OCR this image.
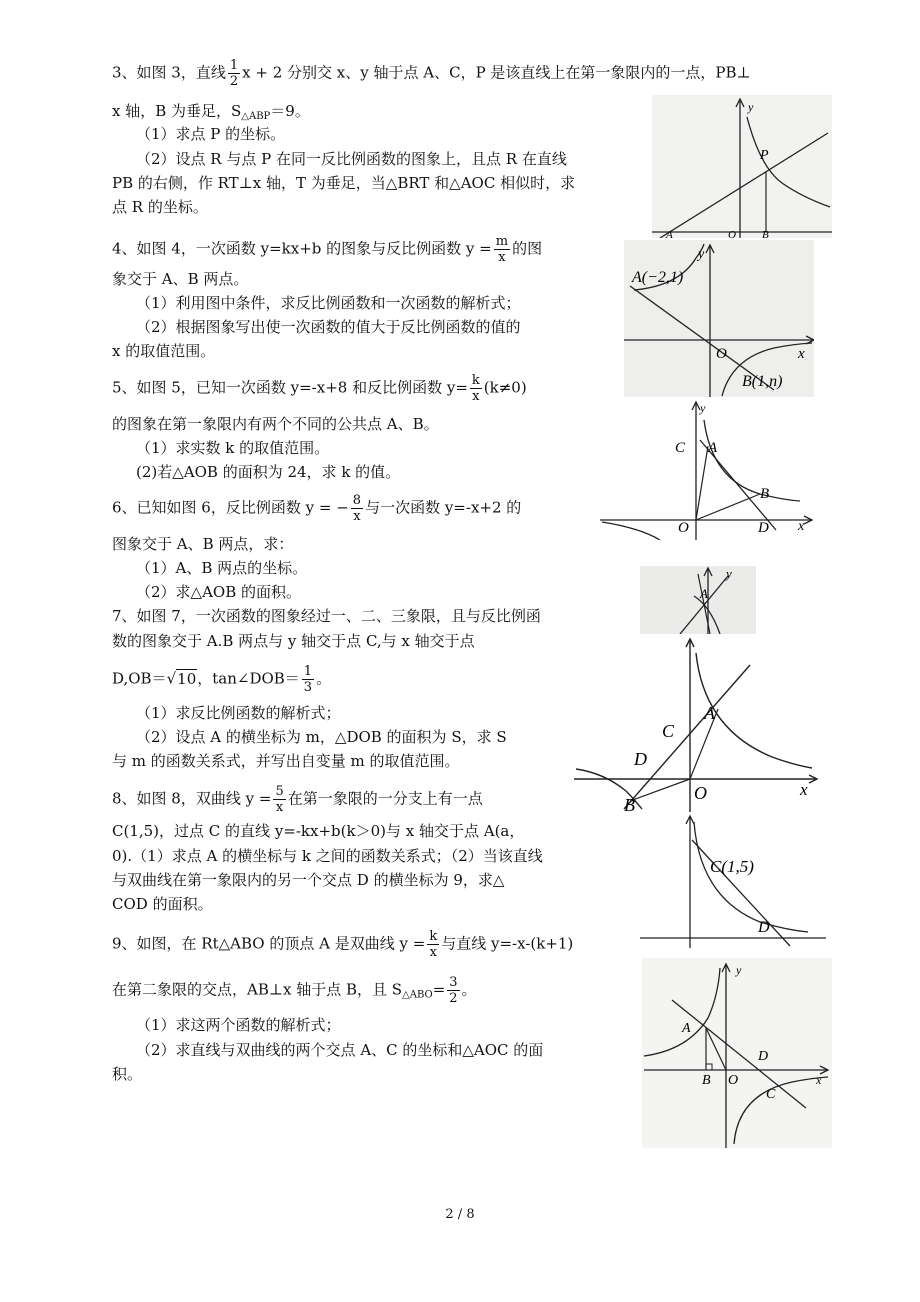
3、如图 3，直线 $\frac{1}{2}$ x + 2 分别交 x、y 轴于点 A、C，P 是该直线上在第一象限内的一点，PB⊥
x 轴，B 为垂足，$S_{\triangle ABP}=9$。
（1）求点 P 的坐标。
（2）设点 R 与点 P 在同一反比例函数的图象上，且点 R 在直线
PB 的右侧，作 RT⊥x 轴，T 为垂足，当△BRT 和△AOC 相似时，求
点 R 的坐标。
y
P
A	O B
4、如图 4，一次函数 y=kx+b 的图象与反比例函数 $y = \frac{m}{x}$ 的图
象交于 A、B 两点。
（1）利用图中条件，求反比例函数和一次函数的解析式；
（2）根据图象写出使一次函数的值大于反比例函数的值的
x 的取值范围。
A(−2,1)
y
O	x
B(1,n)
5、如图 5，已知一次函数 y=-x+8 和反比例函数 $y= \frac{k}{x} (k\ne 0)$
的图象在第一象限内有两个不同的公共点 A、B。
（1）求实数 k 的取值范围。
(2)若△AOB 的面积为 24，求 k 的值。
y
C A
B
O	D x
6、已知如图 6，反比例函数 y = − $\frac{8}{x}$ 与一次函数 y=-x+2 的
图象交于 A、B 两点，求：
（1）A、B 两点的坐标。
（2）求△AOB 的面积。	A
y
7、如图 7，一次函数的图象经过一、二、三象限，且与反比例函
数的图象交于 A.B 两点与 y 轴交于点 C,与 x 轴交于点
D,OB＝√10，tan∠DOB＝ $\frac{1}{3}$ 。
（1）求反比例函数的解析式；
（2）设点 A 的横坐标为 m，△DOB 的面积为 S，求 S
与 m 的函数关系式，并写出自变量 m 的取值范围。
C
A
D
O	x
B
8、如图 8，双曲线 $y = \frac{5}{x}$ 在第一象限的一分支上有一点
C(1,5)，过点 C 的直线 y=-kx+b(k＞0)与 x 轴交于点 A(a，
0).（1）求点 A 的横坐标与 k 之间的函数关系式；（2）当该直线
与双曲线在第一象限内的另一个交点 D 的横坐标为 9，求△
COD 的面积。
C(1,5)
D
9、如图，在 Rt△ABO 的顶点 A 是双曲线 $y = \frac{k}{x}$ 与直线 y=-x-(k+1)
在第二象限的交点，AB⊥x 轴于点 B，且 $S_{\triangle ABO}= \frac{3}{2}$ 。
（1）求这两个函数的解析式；
（2）求直线与双曲线的两个交点 A、C 的坐标和△AOC 的面
积。
y
A
D
B O
C
x
2 / 8
